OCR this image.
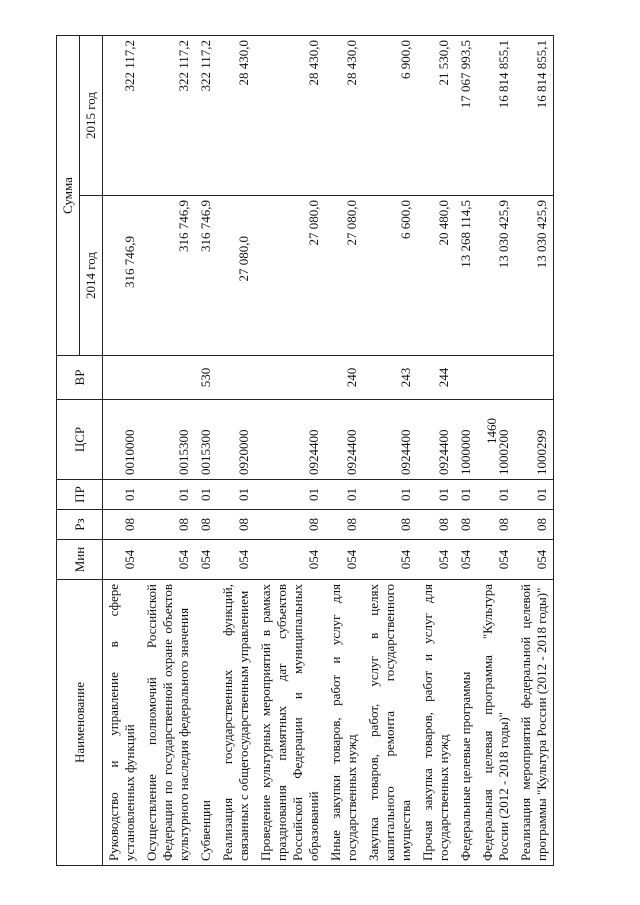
1460
Наименование	Мин	Рз	ПР	ЦСР	ВР	Сумма	
						2014 год	2015 год
Руководство и управление в сфере установленных функций	054	08	01	0010000		316 746,9	322 117,2
Осуществление полномочий Российской Федерации по государственной охране объектов культурного наследия федерального значения	054	08	01	0015300		316 746,9	322 117,2
Субвенции	054	08	01	0015300	530	316 746,9	322 117,2
Реализация государственных функций, связанных с общегосударственным управлением	054	08	01	0920000		27 080,0	28 430,0
Проведение культурных мероприятий в рамках празднования памятных дат субъектов Российской Федерации и муниципальных образований	054	08	01	0924400		27 080,0	28 430,0
Иные закупки товаров, работ и услуг для государственных нужд	054	08	01	0924400	240	27 080,0	28 430,0
Закупка товаров, работ, услуг в целях капитального ремонта государственного имущества	054	08	01	0924400	243	6 600,0	6 900,0
Прочая закупка товаров, работ и услуг для государственных нужд	054	08	01	0924400	244	20 480,0	21 530,0
Федеральные целевые программы	054	08	01	1000000		13 268 114,5	17 067 993,5
Федеральная целевая программа "Культура России (2012 - 2018 годы)"	054	08	01	1000200		13 030 425,9	16 814 855,1
Реализация мероприятий федеральной целевой программы "Культура России (2012 - 2018 годы)"	054	08	01	1000299		13 030 425,9	16 814 855,1
